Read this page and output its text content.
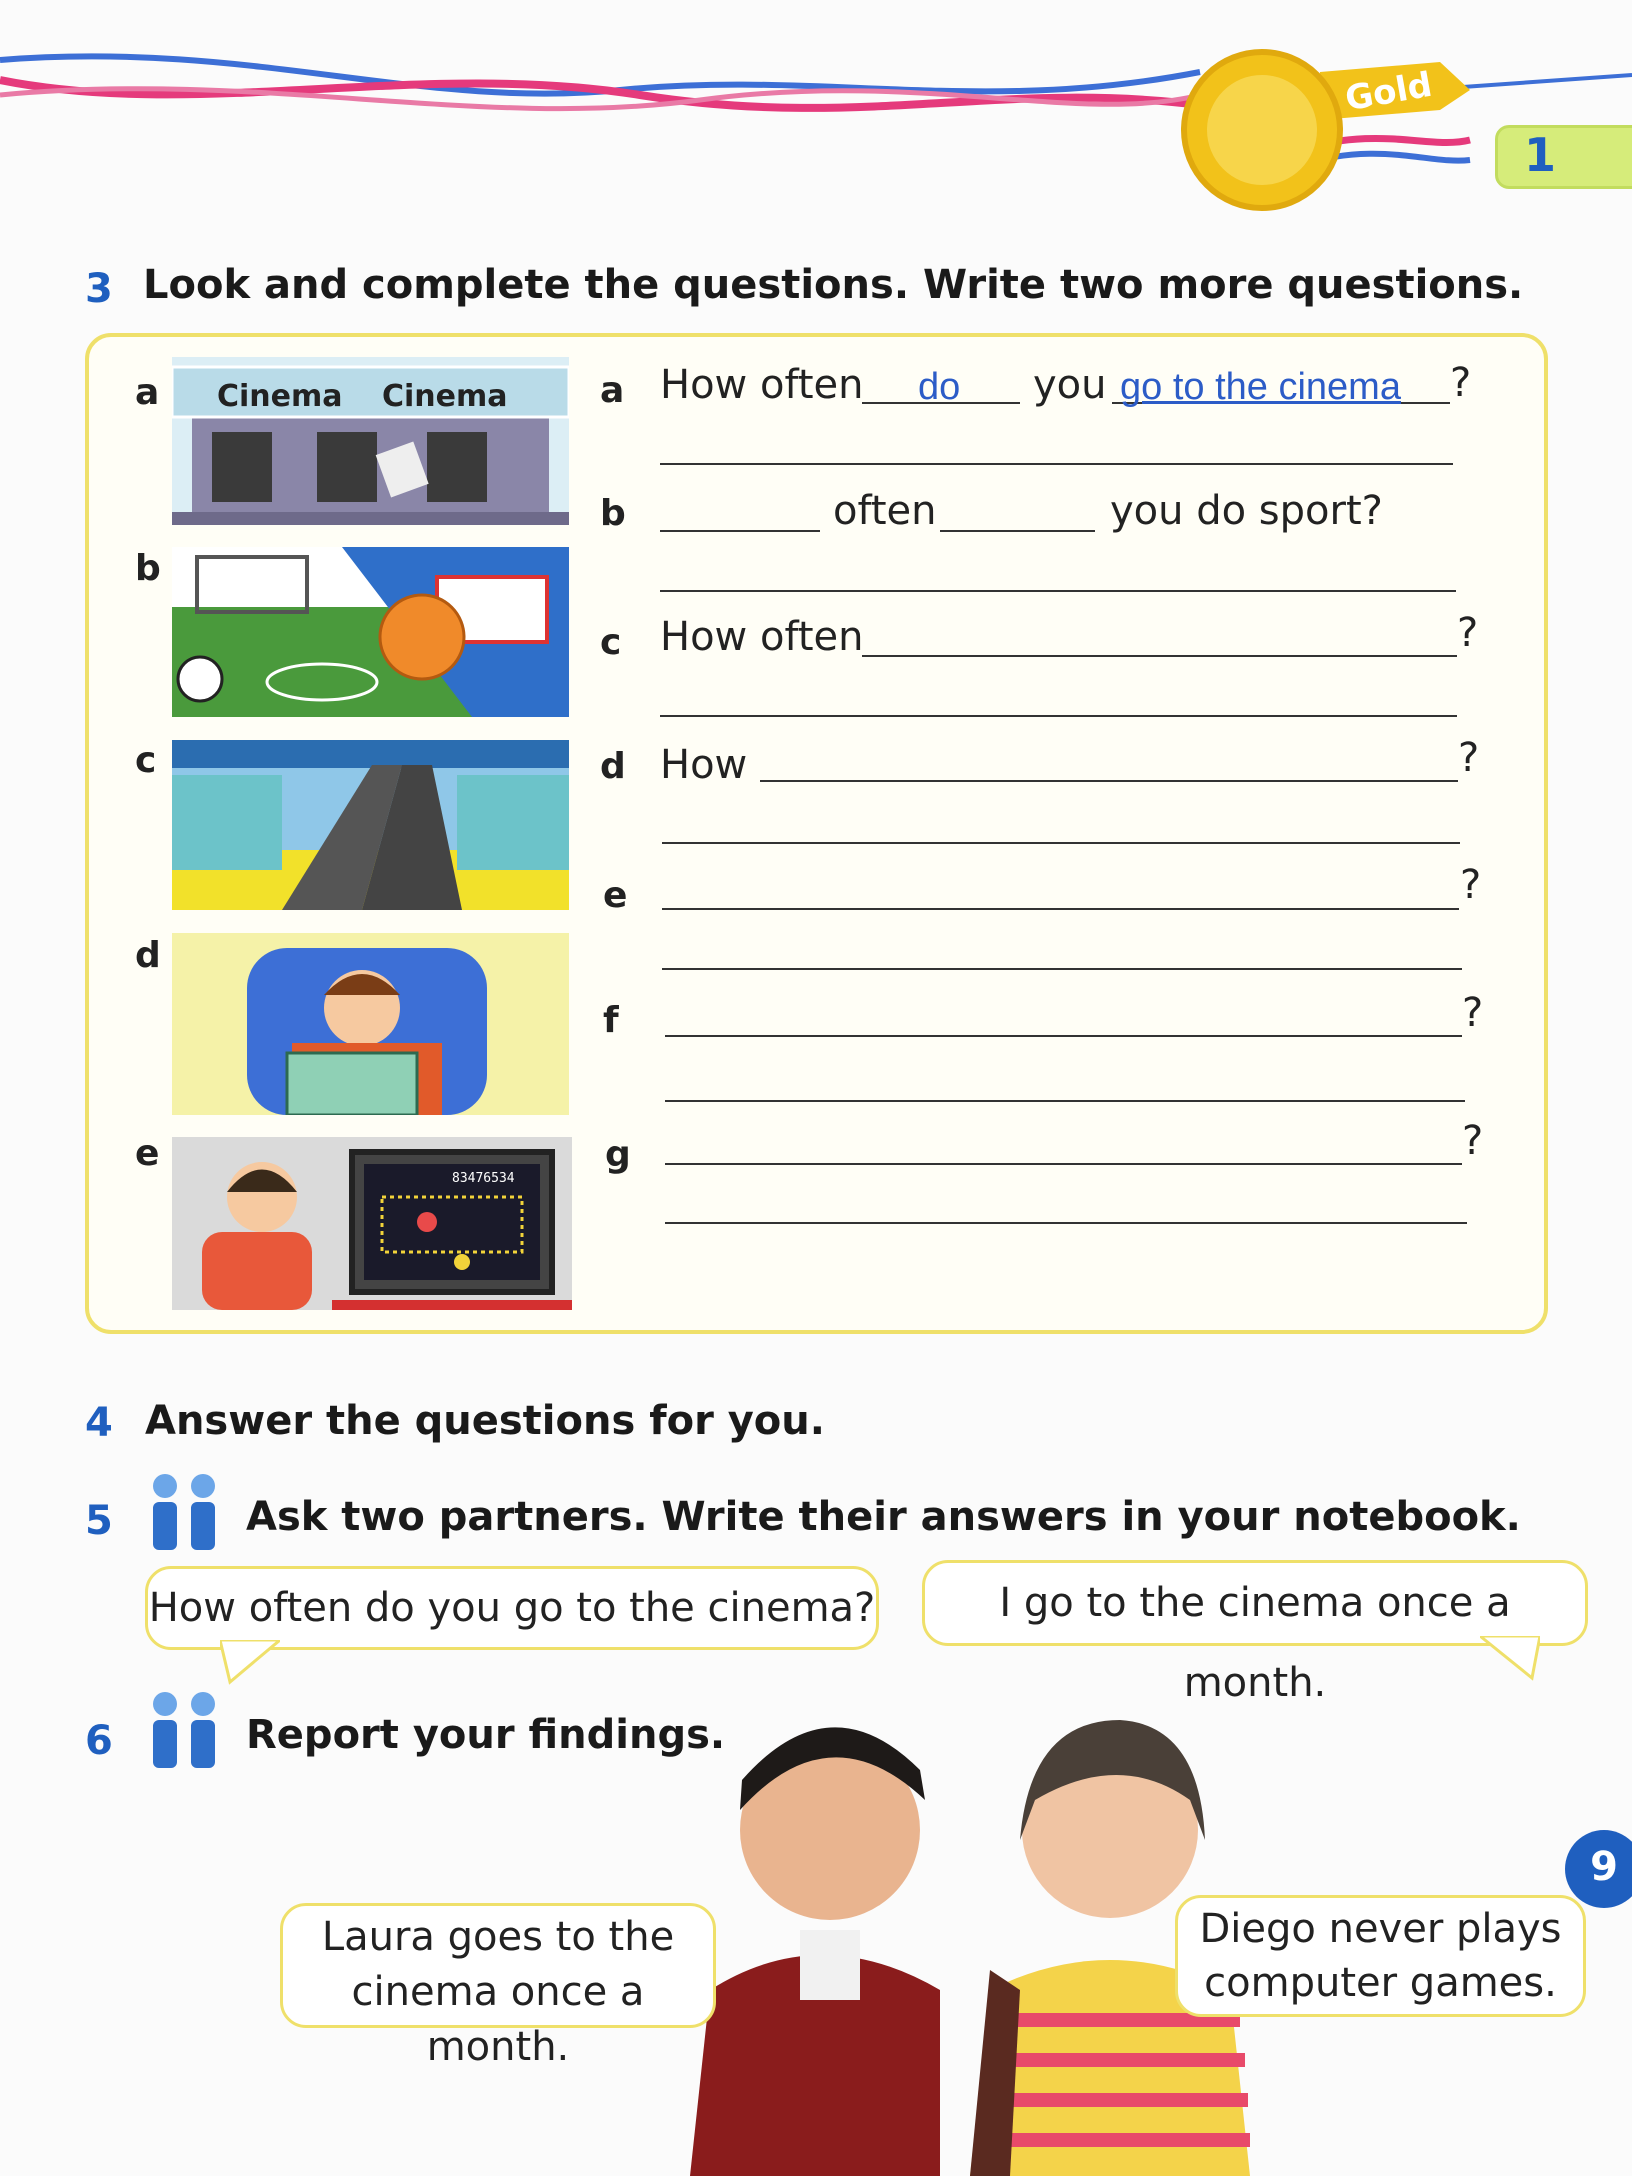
Gold
1
3 Look and complete the questions. Write two more questions.
a
b
c
d
e
Cinema Cinema
83476534
a How often do you go to the cinema ?
b	often	you do sport?
c How often	?
d How	?
e	?
f	?
g	?
4 Answer the questions for you.
5	Ask two partners. Write their answers in your notebook.
How often do you go to the cinema?	I go to the cinema once a month.
6	Report your findings.
Laura goes to the
cinema once a month.
Diego never plays
computer games.
9
